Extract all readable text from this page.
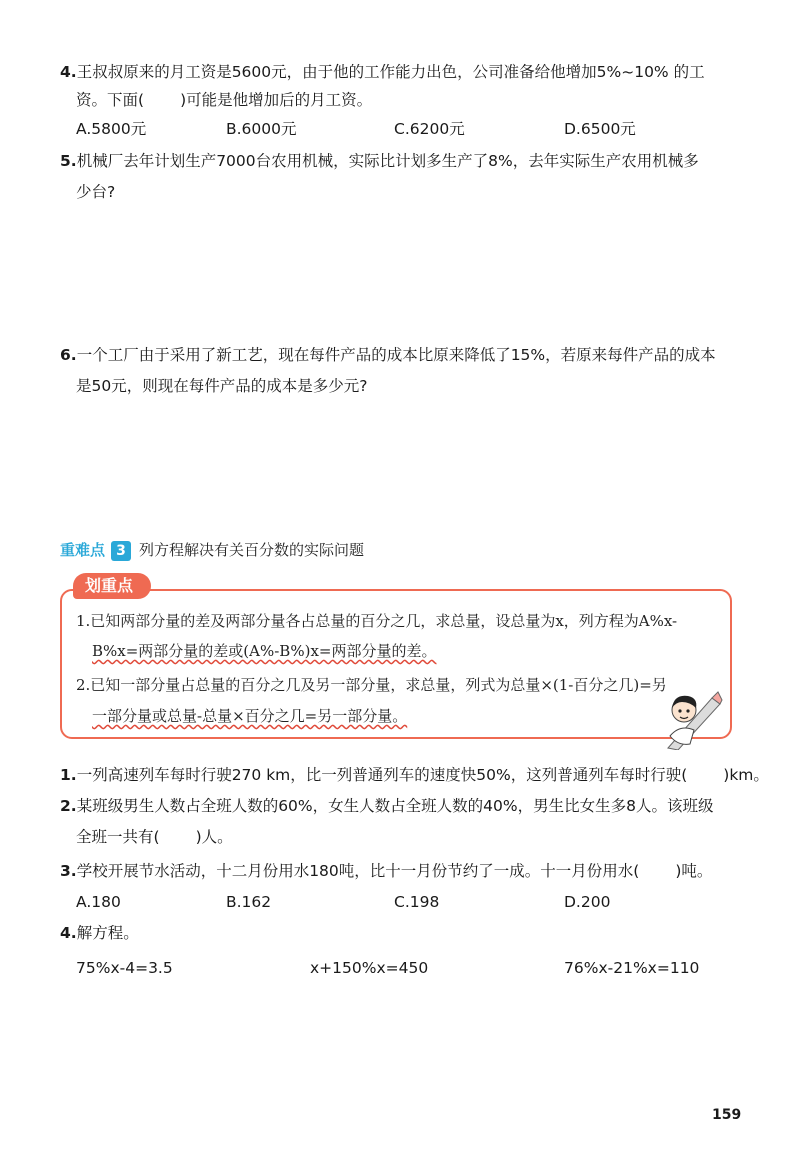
4.王叔叔原来的月工资是5600元，由于他的工作能力出色，公司准备给他增加5%~10% 的工
资。下面( )可能是他增加后的月工资。
A.5800元	B.6000元	C.6200元	D.6500元
5.机械厂去年计划生产7000台农用机械，实际比计划多生产了8%，去年实际生产农用机械多
少台?
6.一个工厂由于采用了新工艺，现在每件产品的成本比原来降低了15%，若原来每件产品的成本
是50元，则现在每件产品的成本是多少元?
重难点 3 列方程解决有关百分数的实际问题
划重点
1.已知两部分量的差及两部分量各占总量的百分之几，求总量，设总量为x，列方程为A%x-
B%x=两部分量的差或(A%-B%)x=两部分量的差。
2.已知一部分量占总量的百分之几及另一部分量，求总量，列式为总量×(1-百分之几)=另
一部分量或总量-总量×百分之几=另一部分量。
1.一列高速列车每时行驶270 km，比一列普通列车的速度快50%，这列普通列车每时行驶( )km。
2.某班级男生人数占全班人数的60%，女生人数占全班人数的40%，男生比女生多8人。该班级
全班一共有( )人。
3.学校开展节水活动，十二月份用水180吨，比十一月份节约了一成。十一月份用水( )吨。
A.180	B.162	C.198	D.200
4.解方程。
75%x-4=3.5	x+150%x=450	76%x-21%x=110
159
